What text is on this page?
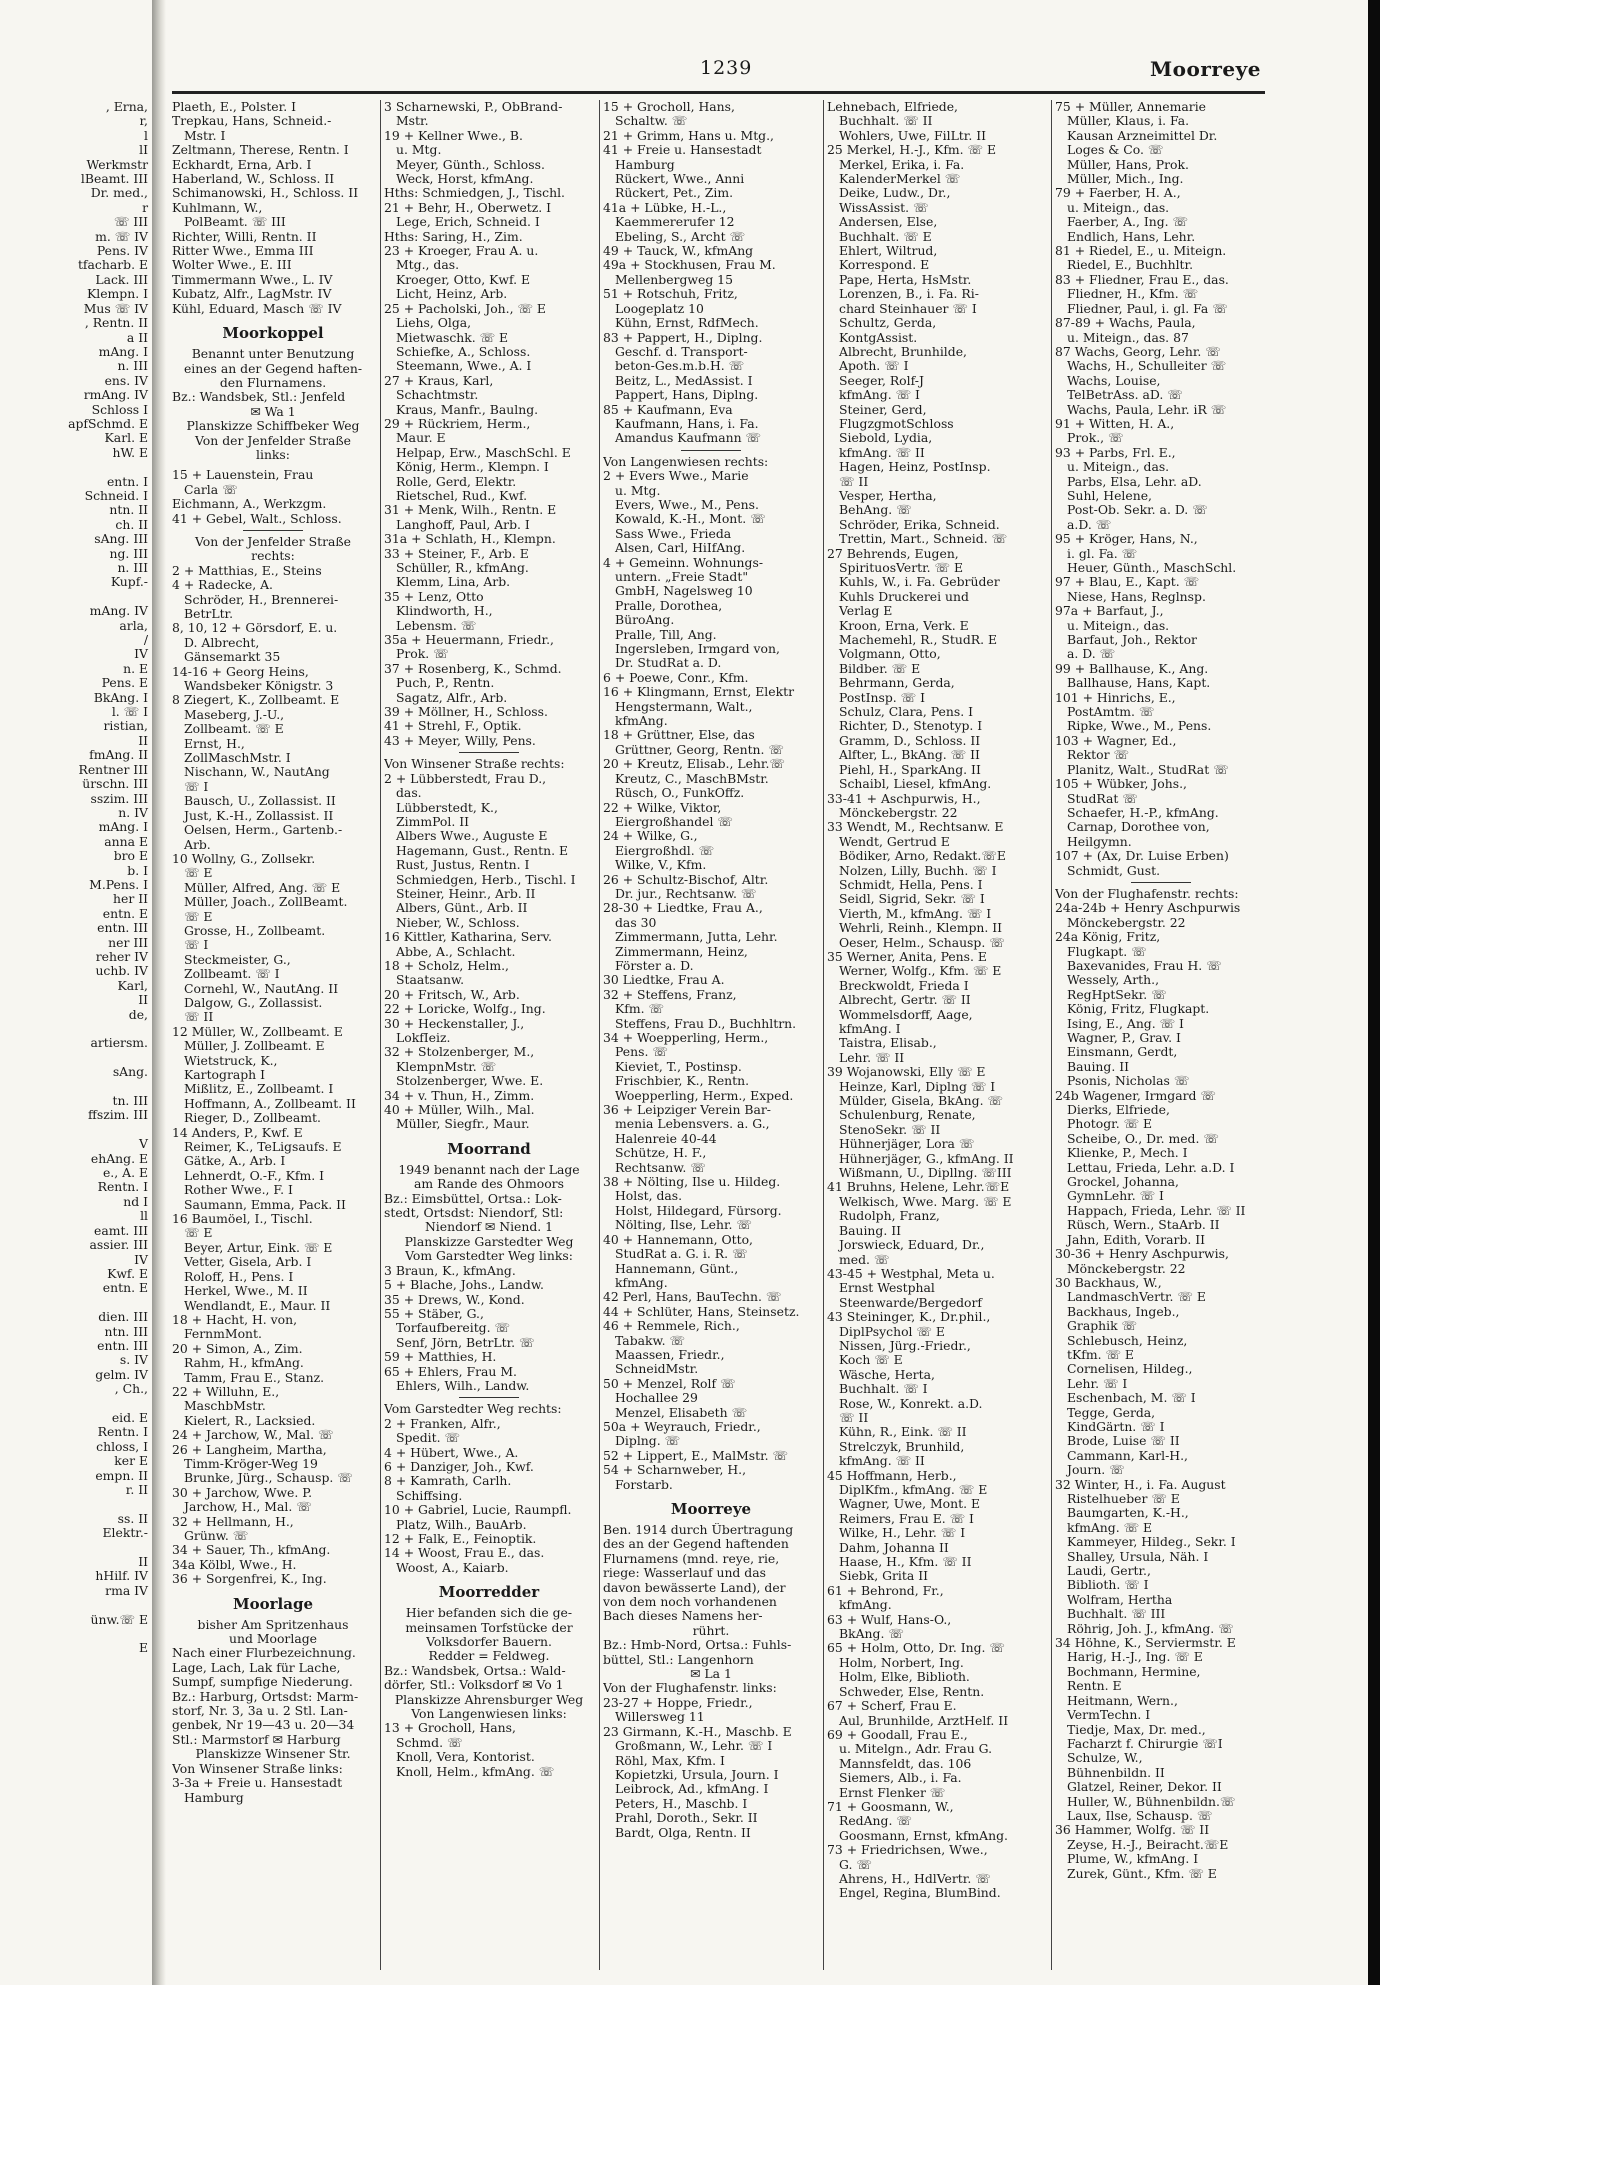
, Erna,
r,
l
lI
Werkmstr
lBeamt. III
Dr. med.,
r
☏ III
m. ☏ IV
Pens. IV
tfacharb. E
Lack. III
Klempn. I
Mus ☏ IV
, Rentn. II
a II
mAng. I
n. III
ens. IV
rmAng. IV
Schloss I
apfSchmd. E
Karl. E
hW. E

entn. I
Schneid. I
ntn. II
ch. II
sAng. III
ng. III
n. III
Kupf.-

mAng. IV
arla,
/
IV
n. E
Pens. E
BkAng. I
l. ☏ I
ristian,
II
fmAng. II
Rentner III
ürschn. III
sszim. III
n. IV
mAng. I
anna E
bro E
b. I
M.Pens. I
her II
entn. E
entn. III
ner III
reher IV
uchb. IV
Karl,
II
de,

artiersm.

sAng.

tn. III
ffszim. III

V
ehAng. E
e., A. E
Rentn. I
nd I
ll
eamt. III
assier. III
IV
Kwf. E
entn. E

dien. III
ntn. III
entn. III
s. IV
gelm. IV
, Ch.,

eid. E
Rentn. I
chloss, I
ker E
empn. II
r. II

ss. II
Elektr.-

II
hHilf. IV
rma IV

ünw.☏ E

E
1239	Moorreye
Plaeth, E., Polster. I
Trepkau, Hans, Schneid.-
Mstr. I
Zeltmann, Therese, Rentn. I
Eckhardt, Erna, Arb. I
Haberland, W., Schloss. II
Schimanowski, H., Schloss. II
Kuhlmann, W.,
PolBeamt. ☏ III
Richter, Willi, Rentn. II
Ritter Wwe., Emma III
Wolter Wwe., E. III
Timmermann Wwe., L. IV
Kubatz, Alfr., LagMstr. IV
Kühl, Eduard, Masch ☏ IV
Moorkoppel
Benannt unter Benutzung
eines an der Gegend haften-
den Flurnamens.
Bz.: Wandsbek, Stl.: Jenfeld
✉ Wa 1
Planskizze Schiffbeker Weg
Von der Jenfelder Straße
links:
15 + Lauenstein, Frau
Carla ☏
Eichmann, A., Werkzgm.
41 + Gebel, Walt., Schloss.
Von der Jenfelder Straße
rechts:
2 + Matthias, E., Steins
4 + Radecke, A.
Schröder, H., Brennerei-
BetrLtr.
8, 10, 12 + Görsdorf, E. u.
D. Albrecht,
Gänsemarkt 35
14-16 + Georg Heins,
Wandsbeker Königstr. 3
8 Ziegert, K., Zollbeamt. E
Maseberg, J.-U.,
Zollbeamt. ☏ E
Ernst, H.,
ZollMaschMstr. I
Nischann, W., NautAng
☏ I
Bausch, U., Zollassist. II
Just, K.-H., Zollassist. II
Oelsen, Herm., Gartenb.-
Arb.
10 Wollny, G., Zollsekr.
☏ E
Müller, Alfred, Ang. ☏ E
Müller, Joach., ZollBeamt.
☏ E
Grosse, H., Zollbeamt.
☏ I
Steckmeister, G.,
Zollbeamt. ☏ I
Cornehl, W., NautAng. II
Dalgow, G., Zollassist.
☏ II
12 Müller, W., Zollbeamt. E
Müller, J. Zollbeamt. E
Wietstruck, K.,
Kartograph I
Mißlitz, E., Zollbeamt. I
Hoffmann, A., Zollbeamt. II
Rieger, D., Zollbeamt.
14 Anders, P., Kwf. E
Reimer, K., TeLigsaufs. E
Gätke, A., Arb. I
Lehnerdt, O.-F., Kfm. I
Rother Wwe., F. I
Saumann, Emma, Pack. II
16 Baumöel, I., Tischl.
☏ E
Beyer, Artur, Eink. ☏ E
Vetter, Gisela, Arb. I
Roloff, H., Pens. I
Herkel, Wwe., M. II
Wendlandt, E., Maur. II
18 + Hacht, H. von,
FernmMont.
20 + Simon, A., Zim.
Rahm, H., kfmAng.
Tamm, Frau E., Stanz.
22 + Willuhn, E.,
MaschbMstr.
Kielert, R., Lacksied.
24 + Jarchow, W., Mal. ☏
26 + Langheim, Martha,
Timm-Kröger-Weg 19
Brunke, Jürg., Schausp. ☏
30 + Jarchow, Wwe. P.
Jarchow, H., Mal. ☏
32 + Hellmann, H.,
Grünw. ☏
34 + Sauer, Th., kfmAng.
34a Kölbl, Wwe., H.
36 + Sorgenfrei, K., Ing.
Moorlage
bisher Am Spritzenhaus
und Moorlage
Nach einer Flurbezeichnung.
Lage, Lach, Lak für Lache,
Sumpf, sumpfige Niederung.
Bz.: Harburg, Ortsdst: Marm-
storf, Nr. 3, 3a u. 2 Stl. Lan-
genbek, Nr 19—43 u. 20—34
Stl.: Marmstorf ✉ Harburg
Planskizze Winsener Str.
Von Winsener Straße links:
3-3a + Freie u. Hansestadt
Hamburg
3 Scharnewski, P., ObBrand-
Mstr.
19 + Kellner Wwe., B.
u. Mtg.
Meyer, Günth., Schloss.
Weck, Horst, kfmAng.
Hths: Schmiedgen, J., Tischl.
21 + Behr, H., Oberwetz. I
Lege, Erich, Schneid. I
Hths: Saring, H., Zim.
23 + Kroeger, Frau A. u.
Mtg., das.
Kroeger, Otto, Kwf. E
Licht, Heinz, Arb.
25 + Pacholski, Joh., ☏ E
Liehs, Olga,
Mietwaschk. ☏ E
Schiefke, A., Schloss.
Steemann, Wwe., A. I
27 + Kraus, Karl,
Schachtmstr.
Kraus, Manfr., Baulng.
29 + Rückriem, Herm.,
Maur. E
Helpap, Erw., MaschSchl. E
König, Herm., Klempn. I
Rolle, Gerd, Elektr.
Rietschel, Rud., Kwf.
31 + Menk, Wilh., Rentn. E
Langhoff, Paul, Arb. I
31a + Schlath, H., Klempn.
33 + Steiner, F., Arb. E
Schüller, R., kfmAng.
Klemm, Lina, Arb.
35 + Lenz, Otto
Klindworth, H.,
Lebensm. ☏
35a + Heuermann, Friedr.,
Prok. ☏
37 + Rosenberg, K., Schmd.
Puch, P., Rentn.
Sagatz, Alfr., Arb.
39 + Möllner, H., Schloss.
41 + Strehl, F., Optik.
43 + Meyer, Willy, Pens.
Von Winsener Straße rechts:
2 + Lübberstedt, Frau D.,
das.
Lübberstedt, K.,
ZimmPol. II
Albers Wwe., Auguste E
Hagemann, Gust., Rentn. E
Rust, Justus, Rentn. I
Schmiedgen, Herb., Tischl. I
Steiner, Heinr., Arb. II
Albers, Günt., Arb. II
Nieber, W., Schloss.
16 Kittler, Katharina, Serv.
Abbe, A., Schlacht.
18 + Scholz, Helm.,
Staatsanw.
20 + Fritsch, W., Arb.
22 + Loricke, Wolfg., Ing.
30 + Heckenstaller, J.,
LokfIeiz.
32 + Stolzenberger, M.,
KlempnMstr. ☏
Stolzenberger, Wwe. E.
34 + v. Thun, H., Zimm.
40 + Müller, Wilh., Mal.
Müller, Siegfr., Maur.
Moorrand
1949 benannt nach der Lage
am Rande des Ohmoors
Bz.: Eimsbüttel, Ortsa.: Lok-
stedt, Ortsdst: Niendorf, Stl:
Niendorf ✉ Niend. 1
Planskizze Garstedter Weg
Vom Garstedter Weg links:
3 Braun, K., kfmAng.
5 + Blache, Johs., Landw.
35 + Drews, W., Kond.
55 + Stäber, G.,
Torfaufbereitg. ☏
Senf, Jörn, BetrLtr. ☏
59 + Matthies, H.
65 + Ehlers, Frau M.
Ehlers, Wilh., Landw.
Vom Garstedter Weg rechts:
2 + Franken, Alfr.,
Spedit. ☏
4 + Hübert, Wwe., A.
6 + Danziger, Joh., Kwf.
8 + Kamrath, Carlh.
Schiffsing.
10 + Gabriel, Lucie, Raumpfl.
Platz, Wilh., BauArb.
12 + Falk, E., Feinoptik.
14 + Woost, Frau E., das.
Woost, A., Kaiarb.
Moorredder
Hier befanden sich die ge-
meinsamen Torfstücke der
Volksdorfer Bauern.
Redder = Feldweg.
Bz.: Wandsbek, Ortsa.: Wald-
dörfer, Stl.: Volksdorf ✉ Vo 1
Planskizze Ahrensburger Weg
Von Langenwiesen links:
13 + Grocholl, Hans,
Schmd. ☏
Knoll, Vera, Kontorist.
Knoll, Helm., kfmAng. ☏
15 + Grocholl, Hans,
Schaltw. ☏
21 + Grimm, Hans u. Mtg.,
41 + Freie u. Hansestadt
Hamburg
Rückert, Wwe., Anni
Rückert, Pet., Zim.
41a + Lübke, H.-L.,
Kaemmererufer 12
Ebeling, S., Archt ☏
49 + Tauck, W., kfmAng
49a + Stockhusen, Frau M.
Mellenbergweg 15
51 + Rotschuh, Fritz,
Loogeplatz 10
Kühn, Ernst, RdfMech.
83 + Pappert, H., Diplng.
Geschf. d. Transport-
beton-Ges.m.b.H. ☏
Beitz, L., MedAssist. I
Pappert, Hans, Diplng.
85 + Kaufmann, Eva
Kaufmann, Hans, i. Fa.
Amandus Kaufmann ☏
Von Langenwiesen rechts:
2 + Evers Wwe., Marie
u. Mtg.
Evers, Wwe., M., Pens.
Kowald, K.-H., Mont. ☏
Sass Wwe., Frieda
Alsen, Carl, HiIfAng.
4 + Gemeinn. Wohnungs-
untern. „Freie Stadt"
GmbH, Nagelsweg 10
Pralle, Dorothea,
BüroAng.
Pralle, Till, Ang.
Ingersleben, Irmgard von,
Dr. StudRat a. D.
6 + Poewe, Conr., Kfm.
16 + Klingmann, Ernst, Elektr
Hengstermann, Walt.,
kfmAng.
18 + Grüttner, Else, das
Grüttner, Georg, Rentn. ☏
20 + Kreutz, Elisab., Lehr.☏
Kreutz, C., MaschBMstr.
Rüsch, O., FunkOffz.
22 + Wilke, Viktor,
Eiergroßhandel ☏
24 + Wilke, G.,
Eiergroßhdl. ☏
Wilke, V., Kfm.
26 + Schultz-Bischof, Altr.
Dr. jur., Rechtsanw. ☏
28-30 + Liedtke, Frau A.,
das 30
Zimmermann, Jutta, Lehr.
Zimmermann, Heinz,
Förster a. D.
30 Liedtke, Frau A.
32 + Steffens, Franz,
Kfm. ☏
Steffens, Frau D., Buchhltrn.
34 + Woepperling, Herm.,
Pens. ☏
Kieviet, T., Postinsp.
Frischbier, K., Rentn.
Woepperling, Herm., Exped.
36 + Leipziger Verein Bar-
menia Lebensvers. a. G.,
Halenreie 40-44
Schütze, H. F.,
Rechtsanw. ☏
38 + Nölting, Ilse u. Hildeg.
Holst, das.
Holst, Hildegard, Fürsorg.
Nölting, Ilse, Lehr. ☏
40 + Hannemann, Otto,
StudRat a. G. i. R. ☏
Hannemann, Günt.,
kfmAng.
42 Perl, Hans, BauTechn. ☏
44 + Schlüter, Hans, Steinsetz.
46 + Remmele, Rich.,
Tabakw. ☏
Maassen, Friedr.,
SchneidMstr.
50 + Menzel, Rolf ☏
Hochallee 29
Menzel, Elisabeth ☏
50a + Weyrauch, Friedr.,
Diplng. ☏
52 + Lippert, E., MalMstr. ☏
54 + Scharnweber, H.,
Forstarb.
Moorreye
Ben. 1914 durch Übertragung
des an der Gegend haftenden
Flurnamens (mnd. reye, rie,
riege: Wasserlauf und das
davon bewässerte Land), der
von dem noch vorhandenen
Bach dieses Namens her-
rührt.
Bz.: Hmb-Nord, Ortsa.: Fuhls-
büttel, Stl.: Langenhorn
✉ La 1
Von der Flughafenstr. links:
23-27 + Hoppe, Friedr.,
Willersweg 11
23 Girmann, K.-H., Maschb. E
Großmann, W., Lehr. ☏ I
Röhl, Max, Kfm. I
Kopietzki, Ursula, Journ. I
Leibrock, Ad., kfmAng. I
Peters, H., Maschb. I
Prahl, Doroth., Sekr. II
Bardt, Olga, Rentn. II
Lehnebach, Elfriede,
Buchhalt. ☏ II
Wohlers, Uwe, FilLtr. II
25 Merkel, H.-J., Kfm. ☏ E
Merkel, Erika, i. Fa.
KalenderMerkel ☏
Deike, Ludw., Dr.,
WissAssist. ☏
Andersen, Else,
Buchhalt. ☏ E
Ehlert, Wiltrud,
Korrespond. E
Pape, Herta, HsMstr.
Lorenzen, B., i. Fa. Ri-
chard Steinhauer ☏ I
Schultz, Gerda,
KontgAssist.
Albrecht, Brunhilde,
Apoth. ☏ I
Seeger, Rolf-J
kfmAng. ☏ I
Steiner, Gerd,
FlugzgmotSchloss
Siebold, Lydia,
kfmAng. ☏ II
Hagen, Heinz, PostInsp.
☏ II
Vesper, Hertha,
BehAng. ☏
Schröder, Erika, Schneid.
Trettin, Mart., Schneid. ☏
27 Behrends, Eugen,
SpirituosVertr. ☏ E
Kuhls, W., i. Fa. Gebrüder
Kuhls Druckerei und
Verlag E
Kroon, Erna, Verk. E
Machemehl, R., StudR. E
Volgmann, Otto,
Bildber. ☏ E
Behrmann, Gerda,
PostInsp. ☏ I
Schulz, Clara, Pens. I
Richter, D., Stenotyp. I
Gramm, D., Schloss. II
Alfter, L., BkAng. ☏ II
Piehl, H., SparkAng. II
Schaibl, Liesel, kfmAng.
33-41 + Aschpurwis, H.,
Mönckebergstr. 22
33 Wendt, M., Rechtsanw. E
Wendt, Gertrud E
Bödiker, Arno, Redakt.☏E
Nolzen, Lilly, Buchh. ☏ I
Schmidt, Hella, Pens. I
Seidl, Sigrid, Sekr. ☏ I
Vierth, M., kfmAng. ☏ I
Wehrli, Reinh., Klempn. II
Oeser, Helm., Schausp. ☏
35 Werner, Anita, Pens. E
Werner, Wolfg., Kfm. ☏ E
Breckwoldt, Frieda I
Albrecht, Gertr. ☏ II
Wommelsdorff, Aage,
kfmAng. I
Taistra, Elisab.,
Lehr. ☏ II
39 Wojanowski, Elly ☏ E
Heinze, Karl, Diplng ☏ I
Mülder, Gisela, BkAng. ☏
Schulenburg, Renate,
StenoSekr. ☏ II
Hühnerjäger, Lora ☏
Hühnerjäger, G., kfmAng. II
Wißmann, U., Dipllng. ☏III
41 Bruhns, Helene, Lehr.☏E
Welkisch, Wwe. Marg. ☏ E
Rudolph, Franz,
Bauing. II
Jorswieck, Eduard, Dr.,
med. ☏
43-45 + Westphal, Meta u.
Ernst Westphal
Steenwarde/Bergedorf
43 Steininger, K., Dr.phil.,
DiplPsychol ☏ E
Nissen, Jürg.-Friedr.,
Koch ☏ E
Wäsche, Herta,
Buchhalt. ☏ I
Rose, W., Konrekt. a.D.
☏ II
Kühn, R., Eink. ☏ II
Strelczyk, Brunhild,
kfmAng. ☏ II
45 Hoffmann, Herb.,
DiplKfm., kfmAng. ☏ E
Wagner, Uwe, Mont. E
Reimers, Frau E. ☏ I
Wilke, H., Lehr. ☏ I
Dahm, Johanna II
Haase, H., Kfm. ☏ II
Siebk, Grita II
61 + Behrond, Fr.,
kfmAng.
63 + Wulf, Hans-O.,
BkAng. ☏
65 + Holm, Otto, Dr. Ing. ☏
Holm, Norbert, Ing.
Holm, Elke, Biblioth.
Schweder, Else, Rentn.
67 + Scherf, Frau E.
Aul, Brunhilde, ArztHelf. II
69 + Goodall, Frau E.,
u. Mitelgn., Adr. Frau G.
Mannsfeldt, das. 106
Siemers, Alb., i. Fa.
Ernst Flenker ☏
71 + Goosmann, W.,
RedAng. ☏
Goosmann, Ernst, kfmAng.
73 + Friedrichsen, Wwe.,
G. ☏
Ahrens, H., HdlVertr. ☏
Engel, Regina, BlumBind.
75 + Müller, Annemarie
Müller, Klaus, i. Fa.
Kausan Arzneimittel Dr.
Loges & Co. ☏
Müller, Hans, Prok.
Müller, Mich., Ing.
79 + Faerber, H. A.,
u. Miteign., das.
Faerber, A., Ing. ☏
Endlich, Hans, Lehr.
81 + Riedel, E., u. Miteign.
Riedel, E., Buchhltr.
83 + Fliedner, Frau E., das.
Fliedner, H., Kfm. ☏
Fliedner, Paul, i. gl. Fa ☏
87-89 + Wachs, Paula,
u. Miteign., das. 87
87 Wachs, Georg, Lehr. ☏
Wachs, H., Schulleiter ☏
Wachs, Louise,
TelBetrAss. aD. ☏
Wachs, Paula, Lehr. iR ☏
91 + Witten, H. A.,
Prok., ☏
93 + Parbs, Frl. E.,
u. Miteign., das.
Parbs, Elsa, Lehr. aD.
Suhl, Helene,
Post-Ob. Sekr. a. D. ☏
a.D. ☏
95 + Kröger, Hans, N.,
i. gl. Fa. ☏
Heuer, Günth., MaschSchl.
97 + Blau, E., Kapt. ☏
Niese, Hans, Reglnsp.
97a + Barfaut, J.,
u. Miteign., das.
Barfaut, Joh., Rektor
a. D. ☏
99 + Ballhause, K., Ang.
Ballhause, Hans, Kapt.
101 + Hinrichs, E.,
PostAmtm. ☏
Ripke, Wwe., M., Pens.
103 + Wagner, Ed.,
Rektor ☏
Planitz, Walt., StudRat ☏
105 + Wübker, Johs.,
StudRat ☏
Schaefer, H.-P., kfmAng.
Carnap, Dorothee von,
Heilgymn.
107 + (Ax, Dr. Luise Erben)
Schmidt, Gust.
Von der Flughafenstr. rechts:
24a-24b + Henry Aschpurwis
Mönckebergstr. 22
24a König, Fritz,
Flugkapt. ☏
Baxevanides, Frau H. ☏
Wessely, Arth.,
RegHptSekr. ☏
König, Fritz, Flugkapt.
Ising, E., Ang. ☏ I
Wagner, P., Grav. I
Einsmann, Gerdt,
Bauing. II
Psonis, Nicholas ☏
24b Wagener, Irmgard ☏
Dierks, Elfriede,
Photogr. ☏ E
Scheibe, O., Dr. med. ☏
Klienke, P., Mech. I
Lettau, Frieda, Lehr. a.D. I
Grockel, Johanna,
GymnLehr. ☏ I
Happach, Frieda, Lehr. ☏ II
Rüsch, Wern., StaArb. II
Jahn, Edith, Vorarb. II
30-36 + Henry Aschpurwis,
Mönckebergstr. 22
30 Backhaus, W.,
LandmaschVertr. ☏ E
Backhaus, Ingeb.,
Graphik ☏
Schlebusch, Heinz,
tKfm. ☏ E
Cornelisen, Hildeg.,
Lehr. ☏ I
Eschenbach, M. ☏ I
Tegge, Gerda,
KindGärtn. ☏ I
Brode, Luise ☏ II
Cammann, Karl-H.,
Journ. ☏
32 Winter, H., i. Fa. August
Ristelhueber ☏ E
Baumgarten, K.-H.,
kfmAng. ☏ E
Kammeyer, Hildeg., Sekr. I
Shalley, Ursula, Näh. I
Laudi, Gertr.,
Biblioth. ☏ I
Wolfram, Hertha
Buchhalt. ☏ III
Röhrig, Joh. J., kfmAng. ☏
34 Höhne, K., Serviermstr. E
Harig, H.-J., Ing. ☏ E
Bochmann, Hermine,
Rentn. E
Heitmann, Wern.,
VermTechn. I
Tiedje, Max, Dr. med.,
Facharzt f. Chirurgie ☏I
Schulze, W.,
Bühnenbildn. II
Glatzel, Reiner, Dekor. II
Huller, W., Bühnenbildn.☏
Laux, Ilse, Schausp. ☏
36 Hammer, Wolfg. ☏ II
Zeyse, H.-J., Beiracht.☏E
Plume, W., kfmAng. I
Zurek, Günt., Kfm. ☏ E
